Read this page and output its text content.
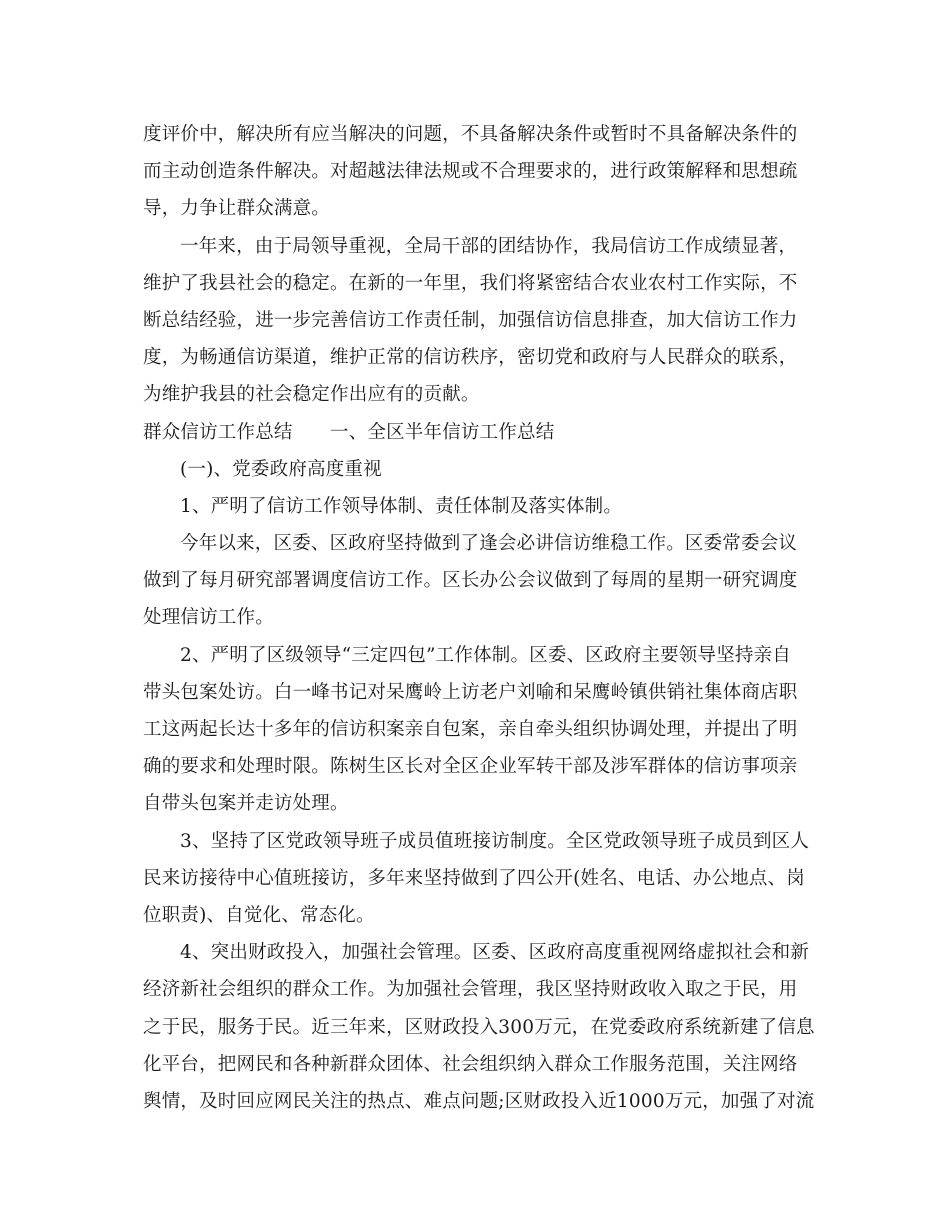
度评价中，解决所有应当解决的问题，不具备解决条件或暂时不具备解决条件的
而主动创造条件解决。对超越法律法规或不合理要求的，进行政策解释和思想疏
导，力争让群众满意。
一年来，由于局领导重视，全局干部的团结协作，我局信访工作成绩显著，
维护了我县社会的稳定。在新的一年里，我们将紧密结合农业农村工作实际，不
断总结经验，进一步完善信访工作责任制，加强信访信息排查，加大信访工作力
度，为畅通信访渠道，维护正常的信访秩序，密切党和政府与人民群众的联系，
为维护我县的社会稳定作出应有的贡献。
群众信访工作总结　　一、全区半年信访工作总结
(一)、党委政府高度重视
1、严明了信访工作领导体制、责任体制及落实体制。
今年以来，区委、区政府坚持做到了逢会必讲信访维稳工作。区委常委会议
做到了每月研究部署调度信访工作。区长办公会议做到了每周的星期一研究调度
处理信访工作。
2、严明了区级领导“三定四包”工作体制。区委、区政府主要领导坚持亲自
带头包案处访。白一峰书记对呆鹰岭上访老户刘喻和呆鹰岭镇供销社集体商店职
工这两起长达十多年的信访积案亲自包案，亲自牵头组织协调处理，并提出了明
确的要求和处理时限。陈树生区长对全区企业军转干部及涉军群体的信访事项亲
自带头包案并走访处理。
3、坚持了区党政领导班子成员值班接访制度。全区党政领导班子成员到区人
民来访接待中心值班接访，多年来坚持做到了四公开(姓名、电话、办公地点、岗
位职责)、自觉化、常态化。
4、突出财政投入，加强社会管理。区委、区政府高度重视网络虚拟社会和新
经济新社会组织的群众工作。为加强社会管理，我区坚持财政收入取之于民，用
之于民，服务于民。近三年来，区财政投入300万元，在党委政府系统新建了信息
化平台，把网民和各种新群众团体、社会组织纳入群众工作服务范围，关注网络
舆情，及时回应网民关注的热点、难点问题;区财政投入近1000万元，加强了对流
